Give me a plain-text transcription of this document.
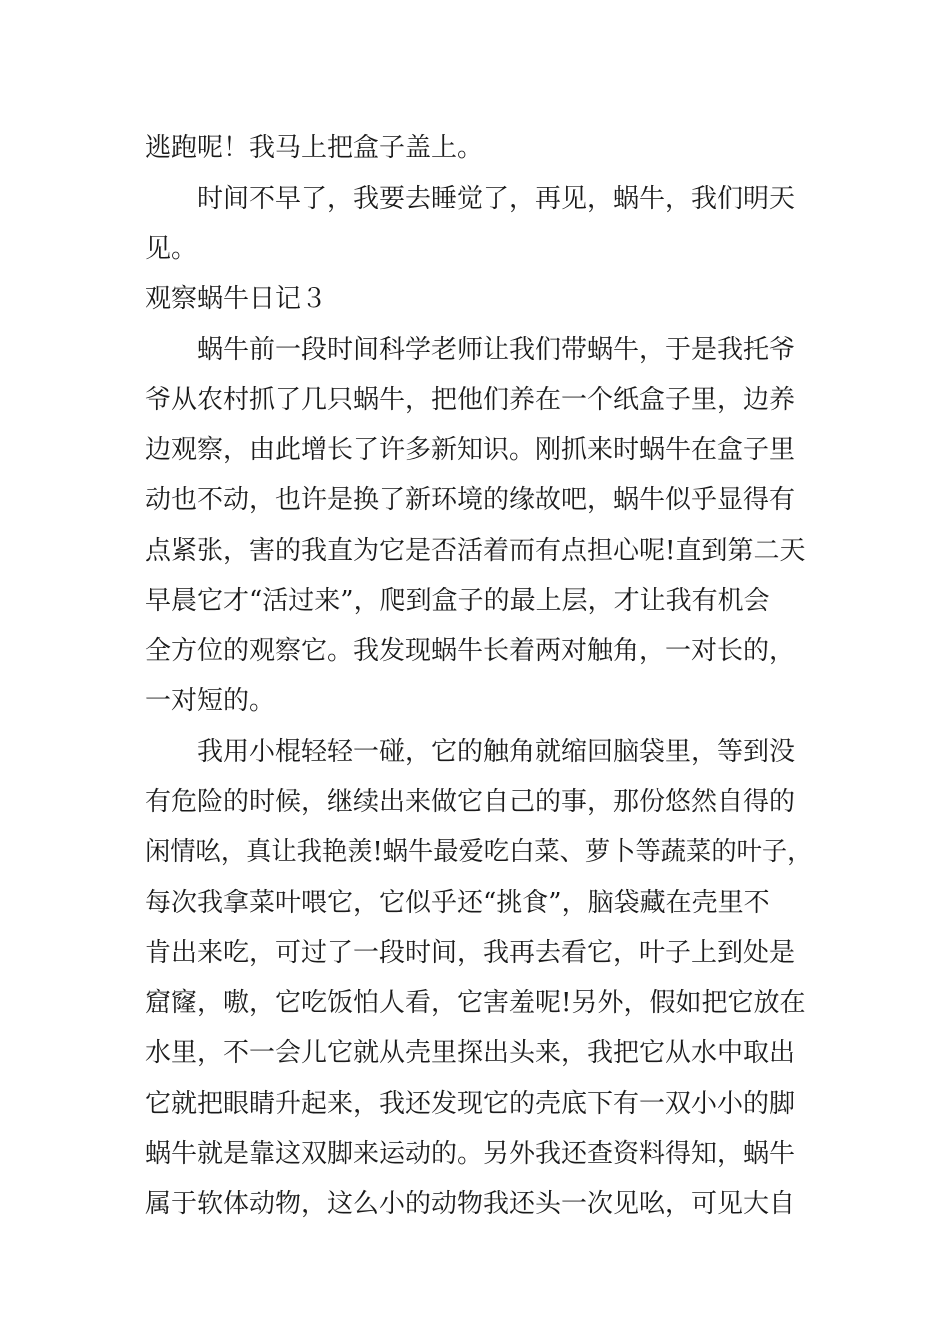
逃跑呢！我马上把盒子盖上。

时间不早了，我要去睡觉了，再见，蜗牛，我们明天

见。

观察蜗牛日记３

蜗牛前一段时间科学老师让我们带蜗牛，于是我托爷

爷从农村抓了几只蜗牛，把他们养在一个纸盒子里，边养

边观察，由此增长了许多新知识。刚抓来时蜗牛在盒子里

动也不动，也许是换了新环境的缘故吧，蜗牛似乎显得有

点紧张，害的我直为它是否活着而有点担心呢!直到第二天

早晨它才“活过来”，爬到盒子的最上层，才让我有机会

全方位的观察它。我发现蜗牛长着两对触角，一对长的，

一对短的。

我用小棍轻轻一碰，它的触角就缩回脑袋里，等到没

有危险的时候，继续出来做它自己的事，那份悠然自得的

闲情吆，真让我艳羡!蜗牛最爱吃白菜、萝卜等蔬菜的叶子，

每次我拿菜叶喂它，它似乎还“挑食”，脑袋藏在壳里不

肯出来吃，可过了一段时间，我再去看它，叶子上到处是

窟窿，嗷，它吃饭怕人看，它害羞呢!另外，假如把它放在

水里，不一会儿它就从壳里探出头来，我把它从水中取出

它就把眼睛升起来，我还发现它的壳底下有一双小小的脚

蜗牛就是靠这双脚来运动的。另外我还查资料得知，蜗牛

属于软体动物，这么小的动物我还头一次见吆，可见大自
